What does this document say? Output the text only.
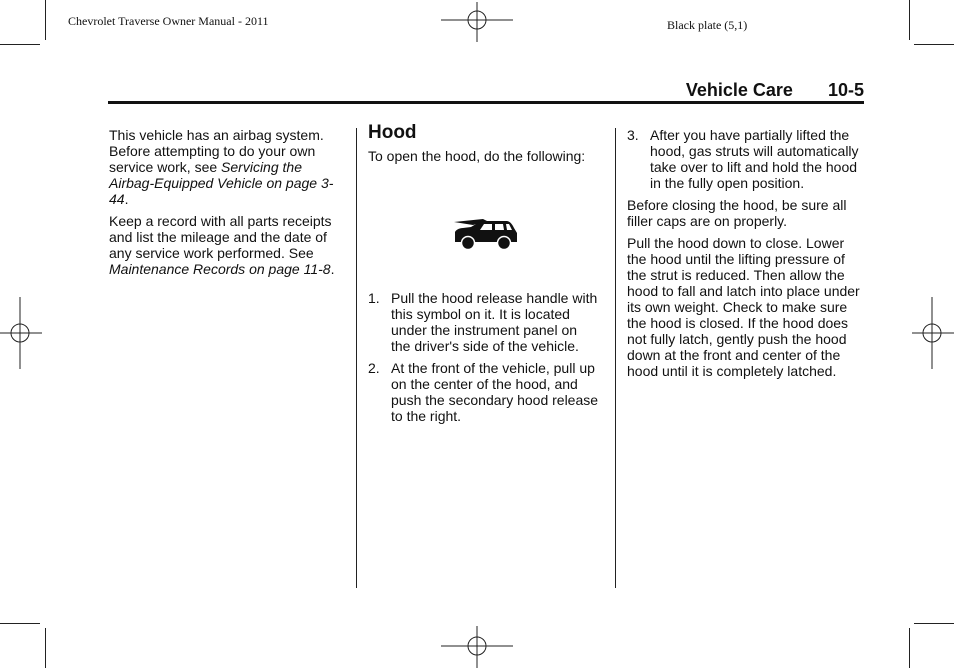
Chevrolet Traverse Owner Manual - 2011	Black plate (5,1)
Vehicle Care 10-5

This vehicle has an airbag system. Before attempting to do your own service work, see Servicing the Airbag-Equipped Vehicle on page 3-44.

Keep a record with all parts receipts and list the mileage and the date of any service work performed. See Maintenance Records on page 11-8.

Hood

To open the hood, do the following:

1. Pull the hood release handle with this symbol on it. It is located under the instrument panel on the driver's side of the vehicle.
2. At the front of the vehicle, pull up on the center of the hood, and push the secondary hood release to the right.
3. After you have partially lifted the hood, gas struts will automatically take over to lift and hold the hood in the fully open position.

Before closing the hood, be sure all filler caps are on properly.

Pull the hood down to close. Lower the hood until the lifting pressure of the strut is reduced. Then allow the hood to fall and latch into place under its own weight. Check to make sure the hood is closed. If the hood does not fully latch, gently push the hood down at the front and center of the hood until it is completely latched.
